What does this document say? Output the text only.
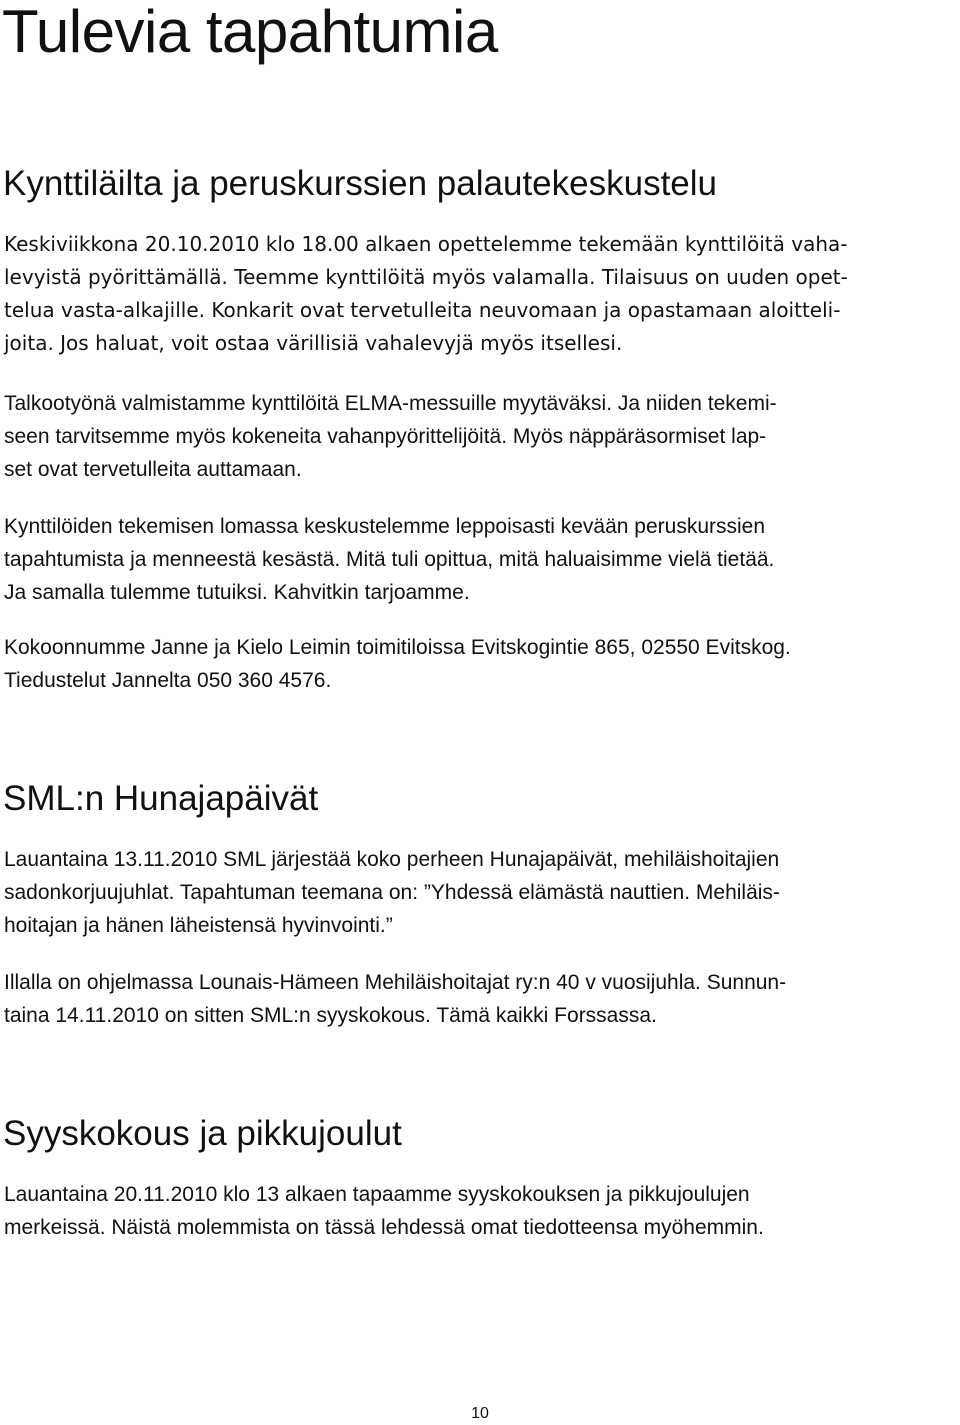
Tulevia tapahtumia
Kynttiläilta ja peruskurssien palautekeskustelu

Keskiviikkona 20.10.2010 klo 18.00 alkaen opettelemme tekemään kynttilöitä vaha-
levyistä pyörittämällä. Teemme kynttilöitä myös valamalla. Tilaisuus on uuden opet-
telua vasta-alkajille. Konkarit ovat tervetulleita neuvomaan ja opastamaan aloitteli-
joita. Jos haluat, voit ostaa värillisiä vahalevyjä myös itsellesi.

Talkootyönä valmistamme kynttilöitä ELMA-messuille myytäväksi. Ja niiden tekemi-
seen tarvitsemme myös kokeneita vahanpyörittelijöitä. Myös näppäräsormiset lap-
set ovat tervetulleita auttamaan.

Kynttilöiden tekemisen lomassa keskustelemme leppoisasti kevään peruskurssien
tapahtumista ja menneestä kesästä. Mitä tuli opittua, mitä haluaisimme vielä tietää.
Ja samalla tulemme tutuiksi. Kahvitkin tarjoamme.

Kokoonnumme Janne ja Kielo Leimin toimitiloissa Evitskogintie 865, 02550 Evitskog.
Tiedustelut Jannelta 050 360 4576.

SML:n Hunajapäivät

Lauantaina 13.11.2010 SML järjestää koko perheen Hunajapäivät, mehiläishoitajien
sadonkorjuujuhlat. Tapahtuman teemana on: ”Yhdessä elämästä nauttien. Mehiläis-
hoitajan ja hänen läheistensä hyvinvointi.”

Illalla on ohjelmassa Lounais-Hämeen Mehiläishoitajat ry:n 40 v vuosijuhla. Sunnun-
taina 14.11.2010 on sitten SML:n syyskokous. Tämä kaikki Forssassa.

Syyskokous ja pikkujoulut

Lauantaina 20.11.2010 klo 13 alkaen tapaamme syyskokouksen ja pikkujoulujen
merkeissä. Näistä molemmista on tässä lehdessä omat tiedotteensa myöhemmin.

10
